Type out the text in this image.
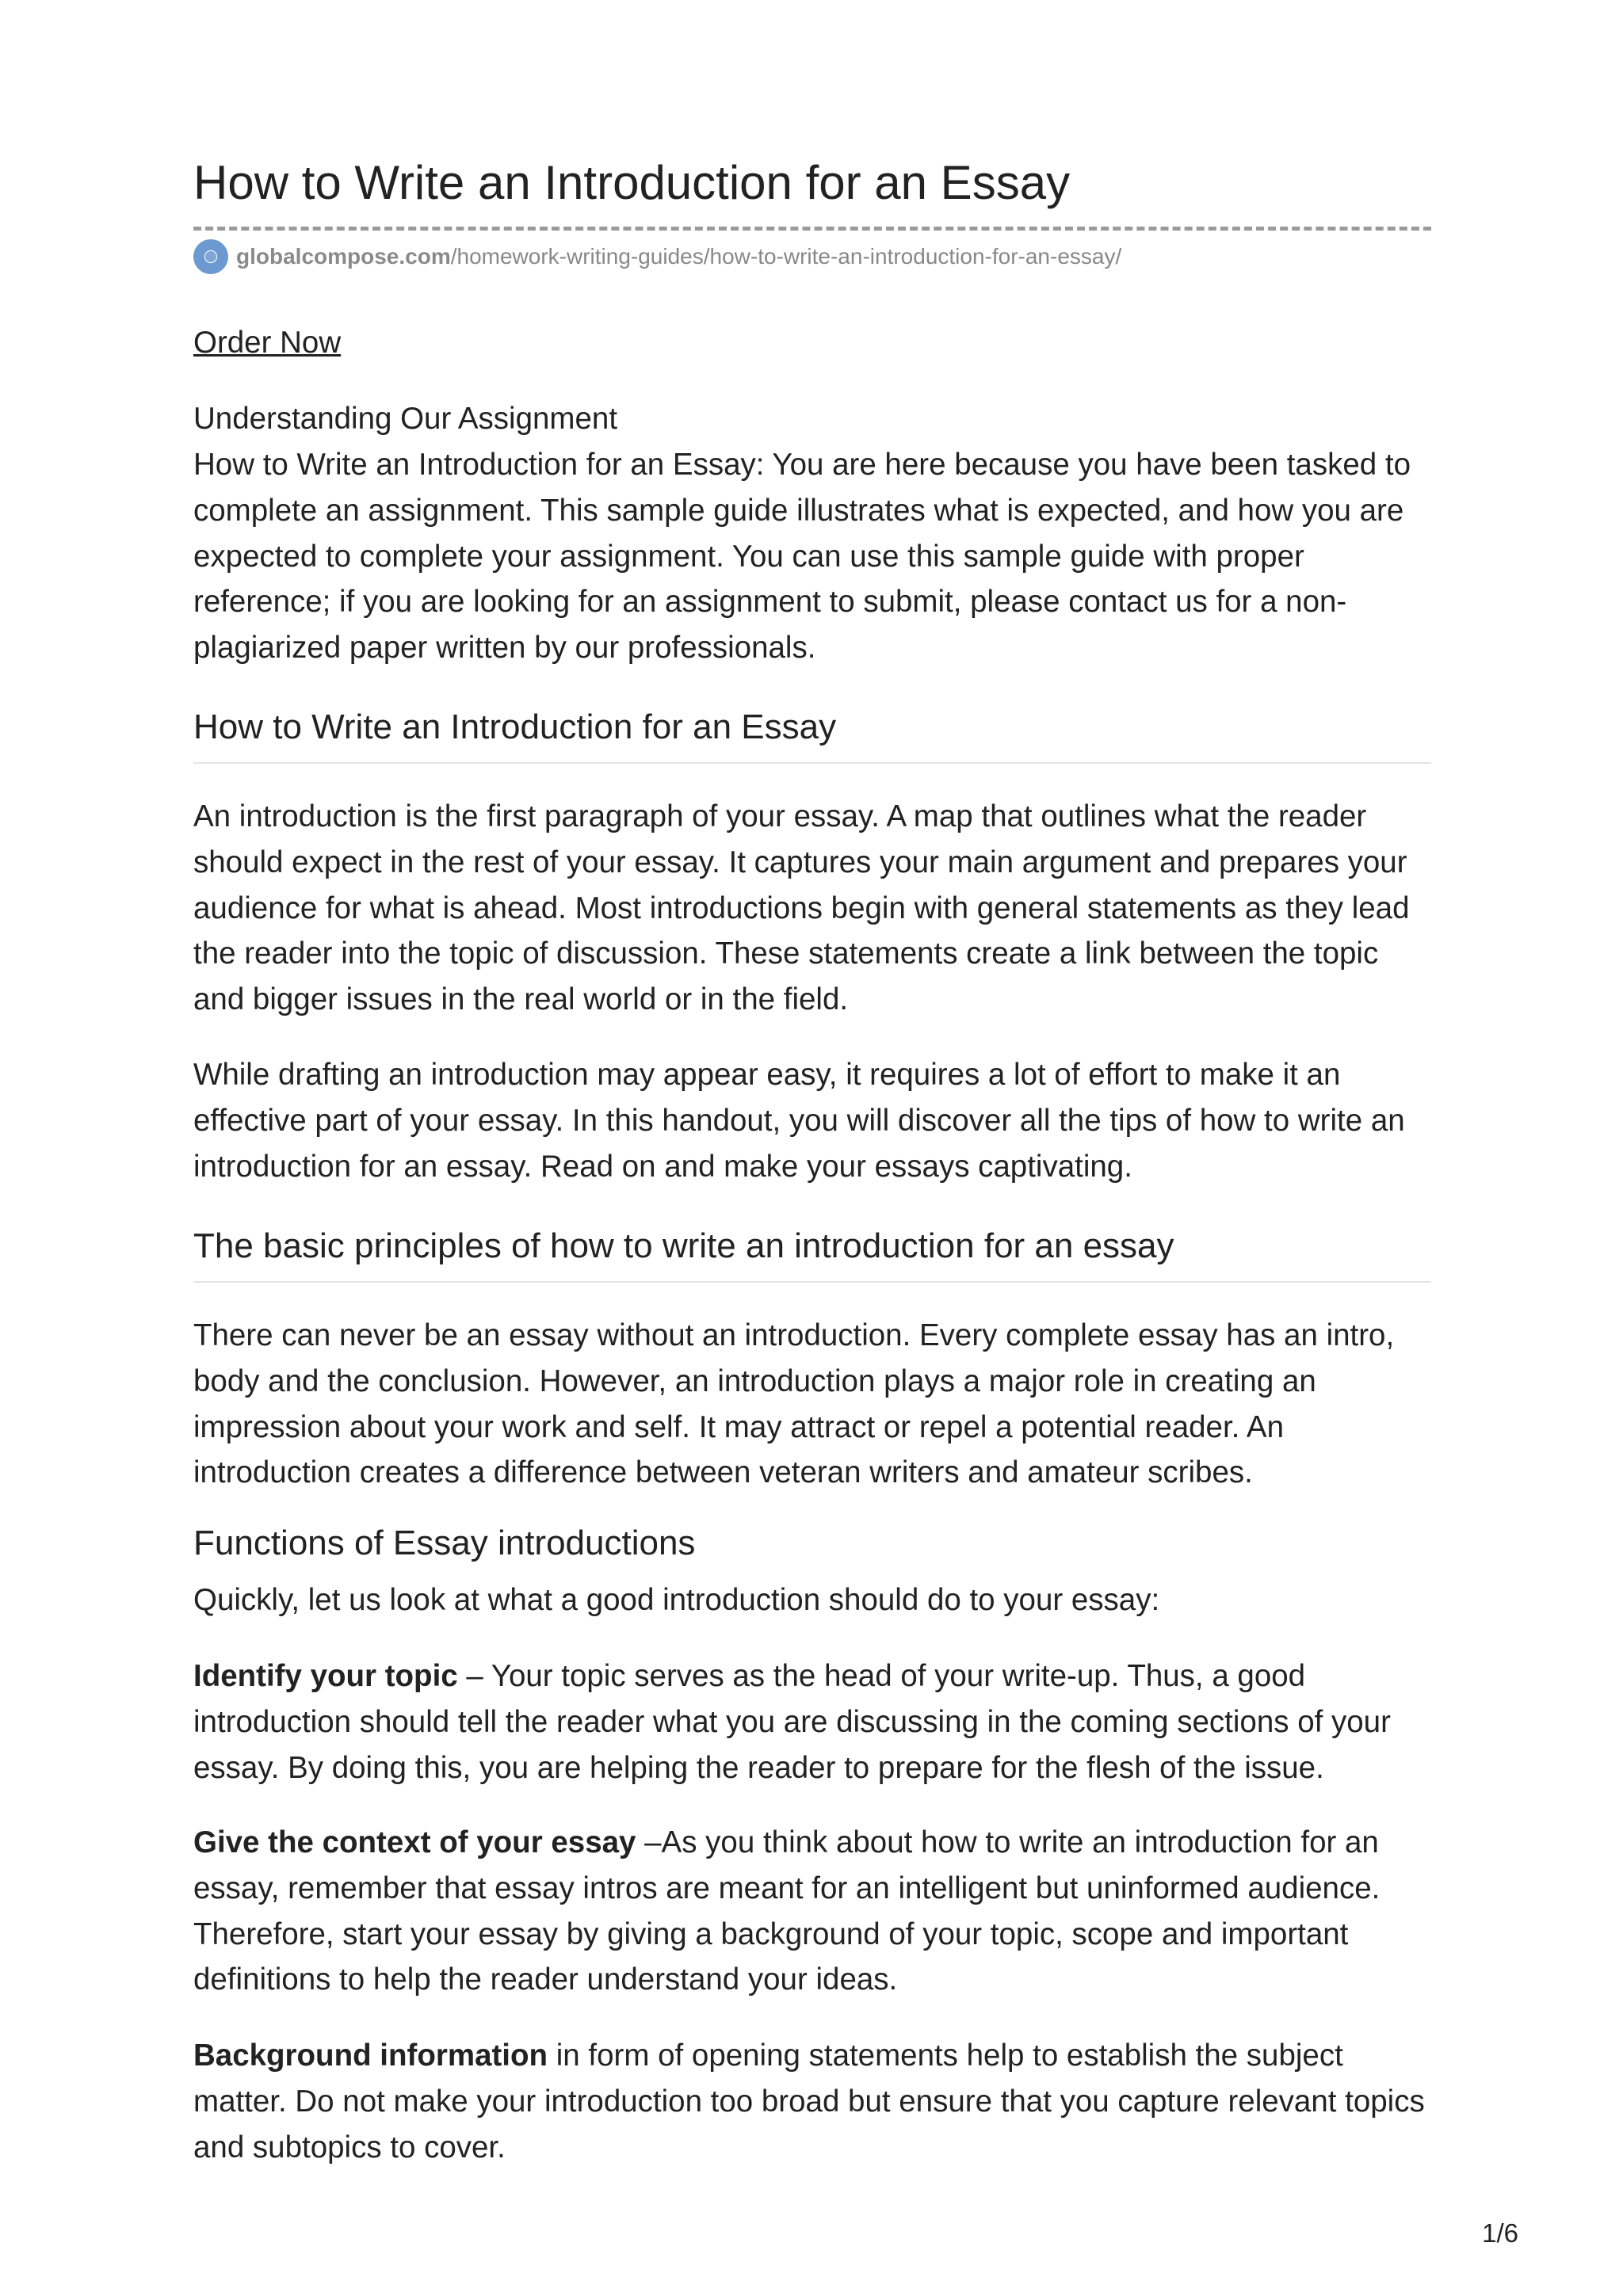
How to Write an Introduction for an Essay
globalcompose.com /homework-writing-guides/how-to-write-an-introduction-for-an-essay/
Order Now
Understanding Our Assignment

How to Write an Introduction for an Essay: You are here because you have been tasked to complete an assignment. This sample guide illustrates what is expected, and how you are expected to complete your assignment. You can use this sample guide with proper reference; if you are looking for an assignment to submit, please contact us for a non-plagiarized paper written by our professionals.

How to Write an Introduction for an Essay

An introduction is the first paragraph of your essay. A map that outlines what the reader should expect in the rest of your essay. It captures your main argument and prepares your audience for what is ahead. Most introductions begin with general statements as they lead the reader into the topic of discussion. These statements create a link between the topic and bigger issues in the real world or in the field.

While drafting an introduction may appear easy, it requires a lot of effort to make it an effective part of your essay. In this handout, you will discover all the tips of how to write an introduction for an essay. Read on and make your essays captivating.

The basic principles of how to write an introduction for an essay

There can never be an essay without an introduction. Every complete essay has an intro, body and the conclusion. However, an introduction plays a major role in creating an impression about your work and self. It may attract or repel a potential reader. An introduction creates a difference between veteran writers and amateur scribes.

Functions of Essay introductions

Quickly, let us look at what a good introduction should do to your essay:

Identify your topic – Your topic serves as the head of your write-up. Thus, a good introduction should tell the reader what you are discussing in the coming sections of your essay. By doing this, you are helping the reader to prepare for the flesh of the issue.

Give the context of your essay –As you think about how to write an introduction for an essay, remember that essay intros are meant for an intelligent but uninformed audience. Therefore, start your essay by giving a background of your topic, scope and important definitions to help the reader understand your ideas.

Background information in form of opening statements help to establish the subject matter. Do not make your introduction too broad but ensure that you capture relevant topics and subtopics to cover.

1/6
